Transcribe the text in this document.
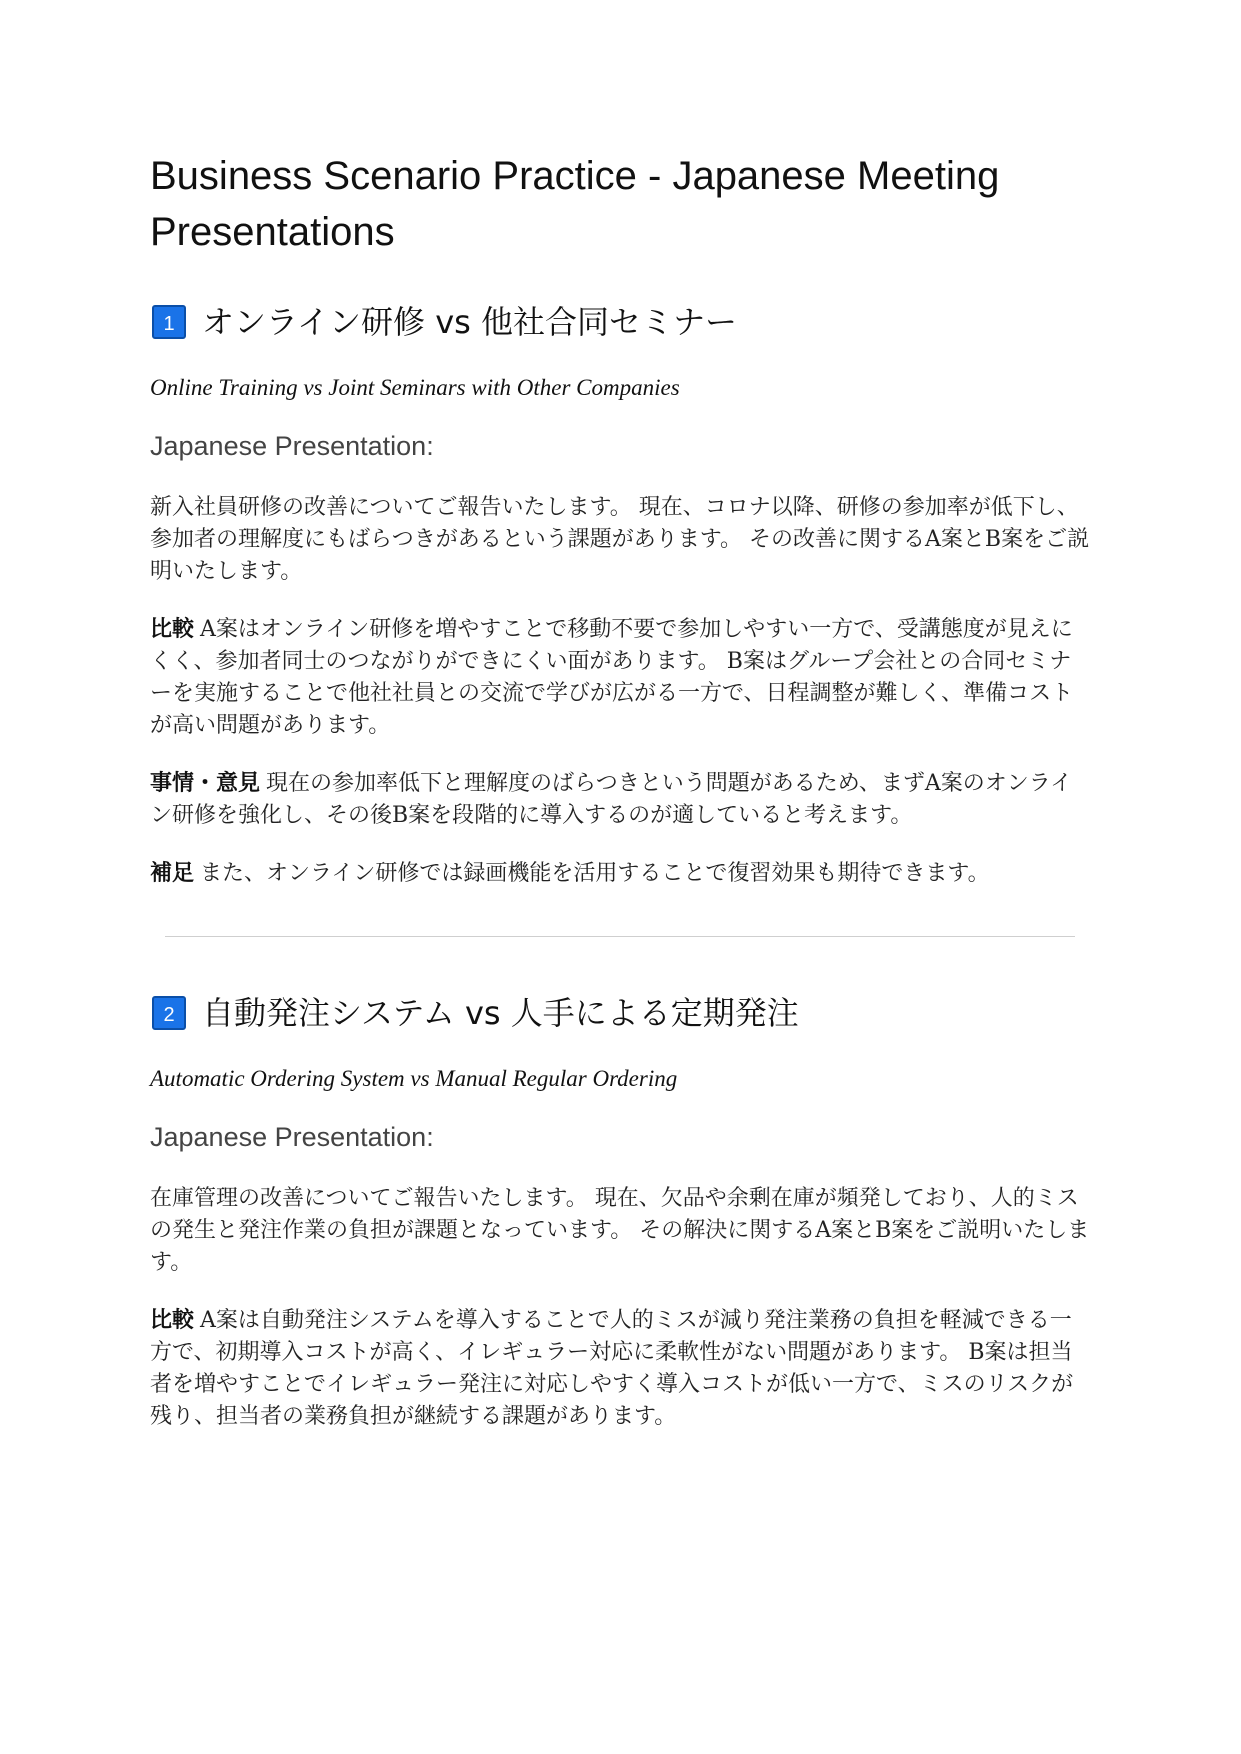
Business Scenario Practice - Japanese Meeting Presentations
1 オンライン研修 vs 他社合同セミナー

Online Training vs Joint Seminars with Other Companies

Japanese Presentation:

新入社員研修の改善についてご報告いたします。 現在、コロナ以降、研修の参加率が低下し、参加者の理解度にもばらつきがあるという課題があります。 その改善に関するA案とB案をご説明いたします。

比較 A案はオンライン研修を増やすことで移動不要で参加しやすい一方で、受講態度が見えにくく、参加者同士のつながりができにくい面があります。 B案はグループ会社との合同セミナーを実施することで他社社員との交流で学びが広がる一方で、日程調整が難しく、準備コストが高い問題があります。

事情・意見 現在の参加率低下と理解度のばらつきという問題があるため、まずA案のオンライン研修を強化し、その後B案を段階的に導入するのが適していると考えます。

補足 また、オンライン研修では録画機能を活用することで復習効果も期待できます。

2 自動発注システム vs 人手による定期発注

Automatic Ordering System vs Manual Regular Ordering

Japanese Presentation:

在庫管理の改善についてご報告いたします。 現在、欠品や余剰在庫が頻発しており、人的ミスの発生と発注作業の負担が課題となっています。 その解決に関するA案とB案をご説明いたします。

比較 A案は自動発注システムを導入することで人的ミスが減り発注業務の負担を軽減できる一方で、初期導入コストが高く、イレギュラー対応に柔軟性がない問題があります。 B案は担当者を増やすことでイレギュラー発注に対応しやすく導入コストが低い一方で、ミスのリスクが残り、担当者の業務負担が継続する課題があります。
